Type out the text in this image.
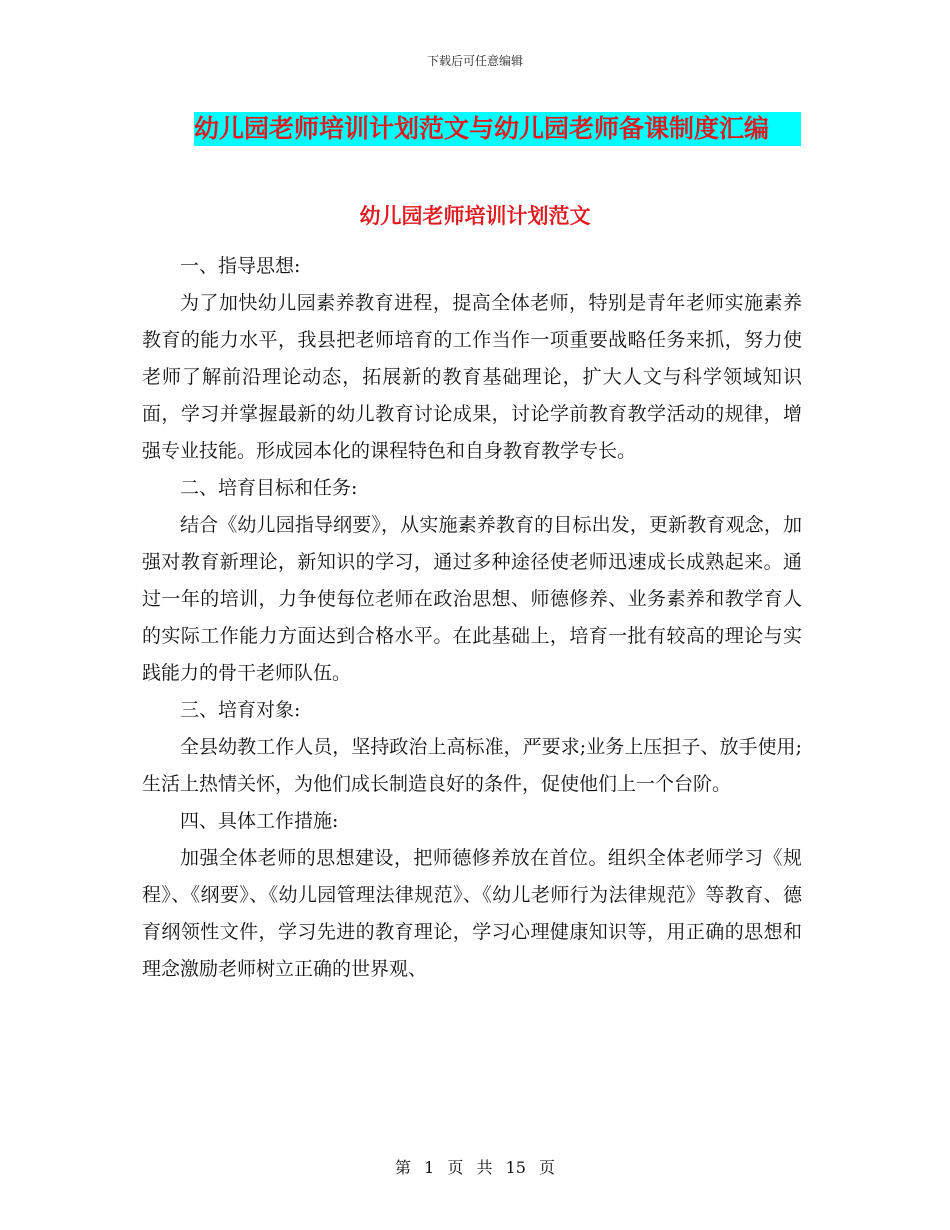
下载后可任意编辑
幼儿园老师培训计划范文与幼儿园老师备课制度汇编
幼儿园老师培训计划范文

一、指导思想:

为了加快幼儿园素养教育进程，提高全体老师，特别是青年老师实施素养教育的能力水平，我县把老师培育的工作当作一项重要战略任务来抓，努力使老师了解前沿理论动态，拓展新的教育基础理论，扩大人文与科学领域知识面，学习并掌握最新的幼儿教育讨论成果，讨论学前教育教学活动的规律，增强专业技能。形成园本化的课程特色和自身教育教学专长。

二、培育目标和任务:

结合《幼儿园指导纲要》，从实施素养教育的目标出发，更新教育观念，加强对教育新理论，新知识的学习，通过多种途径使老师迅速成长成熟起来。通过一年的培训，力争使每位老师在政治思想、师德修养、业务素养和教学育人的实际工作能力方面达到合格水平。在此基础上，培育一批有较高的理论与实践能力的骨干老师队伍。

三、培育对象:

全县幼教工作人员，坚持政治上高标准，严要求;业务上压担子、放手使用;生活上热情关怀，为他们成长制造良好的条件，促使他们上一个台阶。

四、具体工作措施:

加强全体老师的思想建设，把师德修养放在首位。组织全体老师学习《规程》、《纲要》、《幼儿园管理法律规范》、《幼儿老师行为法律规范》等教育、德育纲领性文件，学习先进的教育理论，学习心理健康知识等，用正确的思想和理念激励老师树立正确的世界观、

第 1 页 共 15 页
